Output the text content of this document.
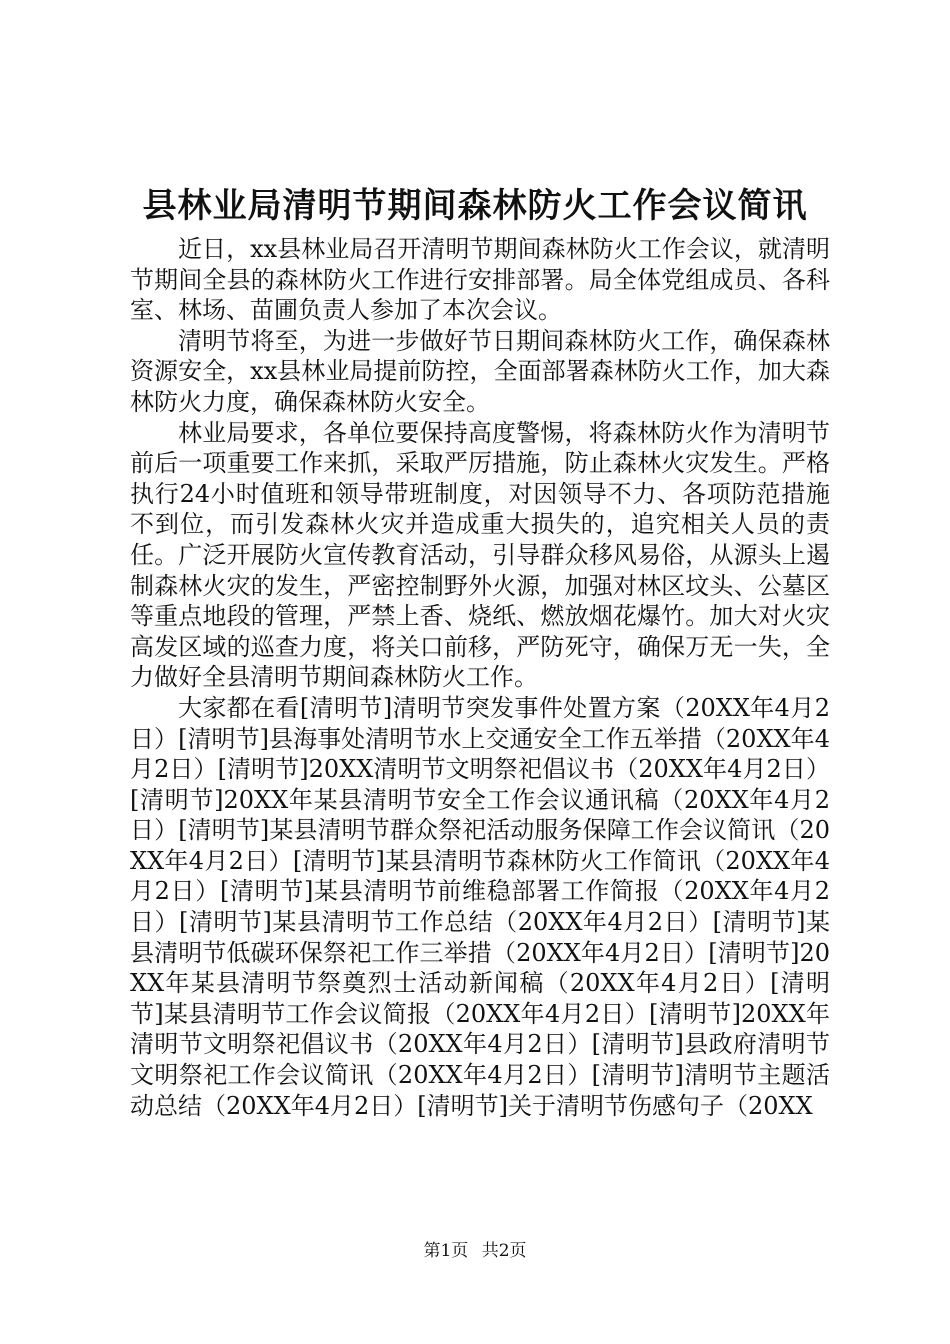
县林业局清明节期间森林防火工作会议简讯

近日，xx县林业局召开清明节期间森林防火工作会议，就清明节期间全县的森林防火工作进行安排部署。局全体党组成员、各科室、林场、苗圃负责人参加了本次会议。

清明节将至，为进一步做好节日期间森林防火工作，确保森林资源安全，xx县林业局提前防控，全面部署森林防火工作，加大森林防火力度，确保森林防火安全。

林业局要求，各单位要保持高度警惕，将森林防火作为清明节前后一项重要工作来抓，采取严厉措施，防止森林火灾发生。严格执行24小时值班和领导带班制度，对因领导不力、各项防范措施不到位，而引发森林火灾并造成重大损失的，追究相关人员的责任。广泛开展防火宣传教育活动，引导群众移风易俗，从源头上遏制森林火灾的发生，严密控制野外火源，加强对林区坟头、公墓区等重点地段的管理，严禁上香、烧纸、燃放烟花爆竹。加大对火灾高发区域的巡查力度，将关口前移，严防死守，确保万无一失，全力做好全县清明节期间森林防火工作。

大家都在看[清明节]清明节突发事件处置方案（20XX年4月2日）[清明节]县海事处清明节水上交通安全工作五举措（20XX年4月2日）[清明节]20XX清明节文明祭祀倡议书（20XX年4月2日）[清明节]20XX年某县清明节安全工作会议通讯稿（20XX年4月2日）[清明节]某县清明节群众祭祀活动服务保障工作会议简讯（20XX年4月2日）[清明节]某县清明节森林防火工作简讯（20XX年4月2日）[清明节]某县清明节前维稳部署工作简报（20XX年4月2日）[清明节]某县清明节工作总结（20XX年4月2日）[清明节]某县清明节低碳环保祭祀工作三举措（20XX年4月2日）[清明节]20XX年某县清明节祭奠烈士活动新闻稿（20XX年4月2日）[清明节]某县清明节工作会议简报（20XX年4月2日）[清明节]20XX年清明节文明祭祀倡议书（20XX年4月2日）[清明节]县政府清明节文明祭祀工作会议简讯（20XX年4月2日）[清明节]清明节主题活动总结（20XX年4月2日）[清明节]关于清明节伤感句子（20XX

第1页 共2页
